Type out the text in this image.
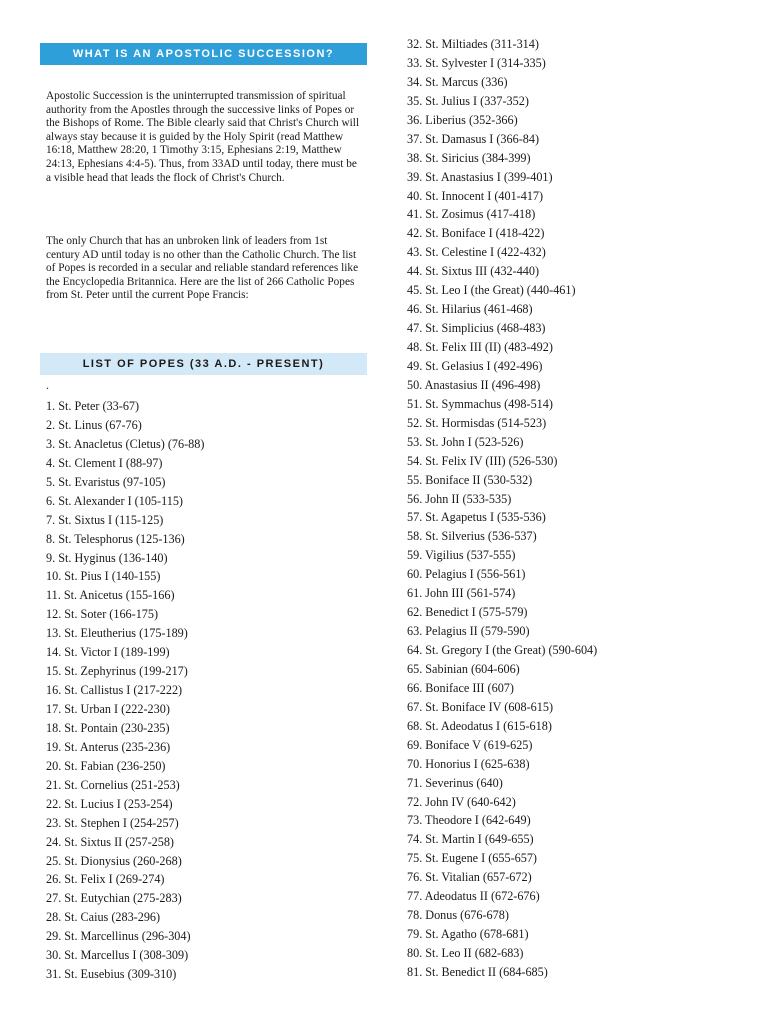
WHAT IS AN APOSTOLIC SUCCESSION?

Apostolic Succession is the uninterrupted transmission of spiritual authority from the Apostles through the successive links of Popes or the Bishops of Rome. The Bible clearly said that Christ's Church will always stay because it is guided by the Holy Spirit (read Matthew 16:18, Matthew 28:20, 1 Timothy 3:15, Ephesians 2:19, Matthew 24:13, Ephesians 4:4-5). Thus, from 33AD until today, there must be a visible head that leads the flock of Christ's Church.

The only Church that has an unbroken link of leaders from 1st century AD until today is no other than the Catholic Church. The list of Popes is recorded in a secular and reliable standard references like the Encyclopedia Britannica. Here are the list of 266 Catholic Popes from St. Peter until the current Pope Francis:

LIST OF POPES (33 A.D. - PRESENT)
.
1. St. Peter (33-67)
2. St. Linus (67-76)
3. St. Anacletus (Cletus) (76-88)
4. St. Clement I (88-97)
5. St. Evaristus (97-105)
6. St. Alexander I (105-115)
7. St. Sixtus I (115-125)
8. St. Telesphorus (125-136)
9. St. Hyginus (136-140)
10. St. Pius I (140-155)
11. St. Anicetus (155-166)
12. St. Soter (166-175)
13. St. Eleutherius (175-189)
14. St. Victor I (189-199)
15. St. Zephyrinus (199-217)
16. St. Callistus I (217-222)
17. St. Urban I (222-230)
18. St. Pontain (230-235)
19. St. Anterus (235-236)
20. St. Fabian (236-250)
21. St. Cornelius (251-253)
22. St. Lucius I (253-254)
23. St. Stephen I (254-257)
24. St. Sixtus II (257-258)
25. St. Dionysius (260-268)
26. St. Felix I (269-274)
27. St. Eutychian (275-283)
28. St. Caius (283-296)
29. St. Marcellinus (296-304)
30. St. Marcellus I (308-309)
31. St. Eusebius (309-310)
32. St. Miltiades (311-314)
33. St. Sylvester I (314-335)
34. St. Marcus (336)
35. St. Julius I (337-352)
36. Liberius (352-366)
37. St. Damasus I (366-84)
38. St. Siricius (384-399)
39. St. Anastasius I (399-401)
40. St. Innocent I (401-417)
41. St. Zosimus (417-418)
42. St. Boniface I (418-422)
43. St. Celestine I (422-432)
44. St. Sixtus III (432-440)
45. St. Leo I (the Great) (440-461)
46. St. Hilarius (461-468)
47. St. Simplicius (468-483)
48. St. Felix III (II) (483-492)
49. St. Gelasius I (492-496)
50. Anastasius II (496-498)
51. St. Symmachus (498-514)
52. St. Hormisdas (514-523)
53. St. John I (523-526)
54. St. Felix IV (III) (526-530)
55. Boniface II (530-532)
56. John II (533-535)
57. St. Agapetus I (535-536)
58. St. Silverius (536-537)
59. Vigilius (537-555)
60. Pelagius I (556-561)
61. John III (561-574)
62. Benedict I (575-579)
63. Pelagius II (579-590)
64. St. Gregory I (the Great) (590-604)
65. Sabinian (604-606)
66. Boniface III (607)
67. St. Boniface IV (608-615)
68. St. Adeodatus I (615-618)
69. Boniface V (619-625)
70. Honorius I (625-638)
71. Severinus (640)
72. John IV (640-642)
73. Theodore I (642-649)
74. St. Martin I (649-655)
75. St. Eugene I (655-657)
76. St. Vitalian (657-672)
77. Adeodatus II (672-676)
78. Donus (676-678)
79. St. Agatho (678-681)
80. St. Leo II (682-683)
81. St. Benedict II (684-685)
